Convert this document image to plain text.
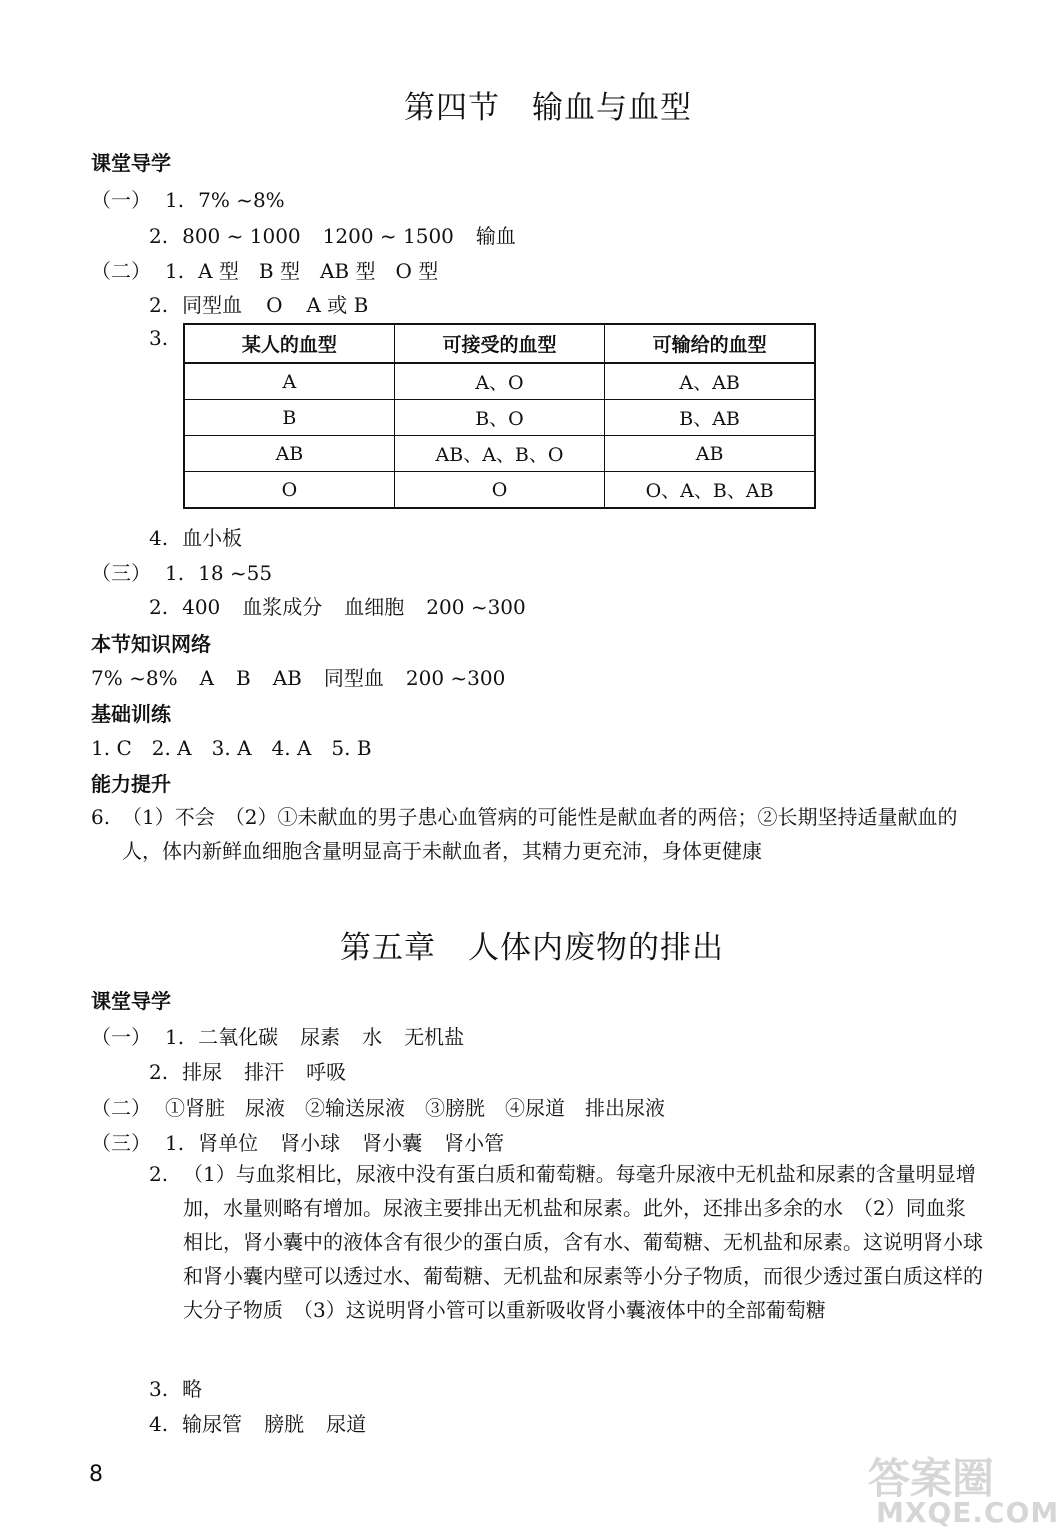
第四节　输血与血型
课堂导学
（一） 1. 7% ~8%
2. 800 ~ 1000 1200 ~ 1500 输血
（二） 1. A 型 B 型 AB 型 O 型
2. 同型血 O A 或 B
3.	某人的血型	可接受的血型	可输给的血型
A	A、O	A、AB
B	B、O	B、AB
AB	AB、A、B、O	AB
O	O	O、A、B、AB
4. 血小板
（三） 1. 18 ~55
2. 400 血浆成分 血细胞 200 ~300
本节知识网络
7% ~8% A B AB 同型血 200 ~300
基础训练
1. C　2. A　3. A　4. A　5. B
能力提升
6. （1）不会　（2）①未献血的男子患心血管病的可能性是献血者的两倍；②长期坚持适量献血的人，体内新鲜血细胞含量明显高于未献血者，其精力更充沛，身体更健康
第五章　人体内废物的排出
课堂导学
（一） 1. 二氧化碳 尿素 水 无机盐
2. 排尿 排汗 呼吸
（二） ①肾脏 尿液 ②输送尿液 ③膀胱 ④尿道 排出尿液
（三） 1. 肾单位 肾小球 肾小囊 肾小管
2. （1）与血浆相比，尿液中没有蛋白质和葡萄糖。每毫升尿液中无机盐和尿素的含量明显增加，水量则略有增加。尿液主要排出无机盐和尿素。此外，还排出多余的水　（2）同血浆相比，肾小囊中的液体含有很少的蛋白质，含有水、葡萄糖、无机盐和尿素。这说明肾小球和肾小囊内壁可以透过水、葡萄糖、无机盐和尿素等小分子物质，而很少透过蛋白质这样的大分子物质　（3）这说明肾小管可以重新吸收肾小囊液体中的全部葡萄糖
3. 略
4. 输尿管 膀胱 尿道
8	答案圈
MXQE.COM
